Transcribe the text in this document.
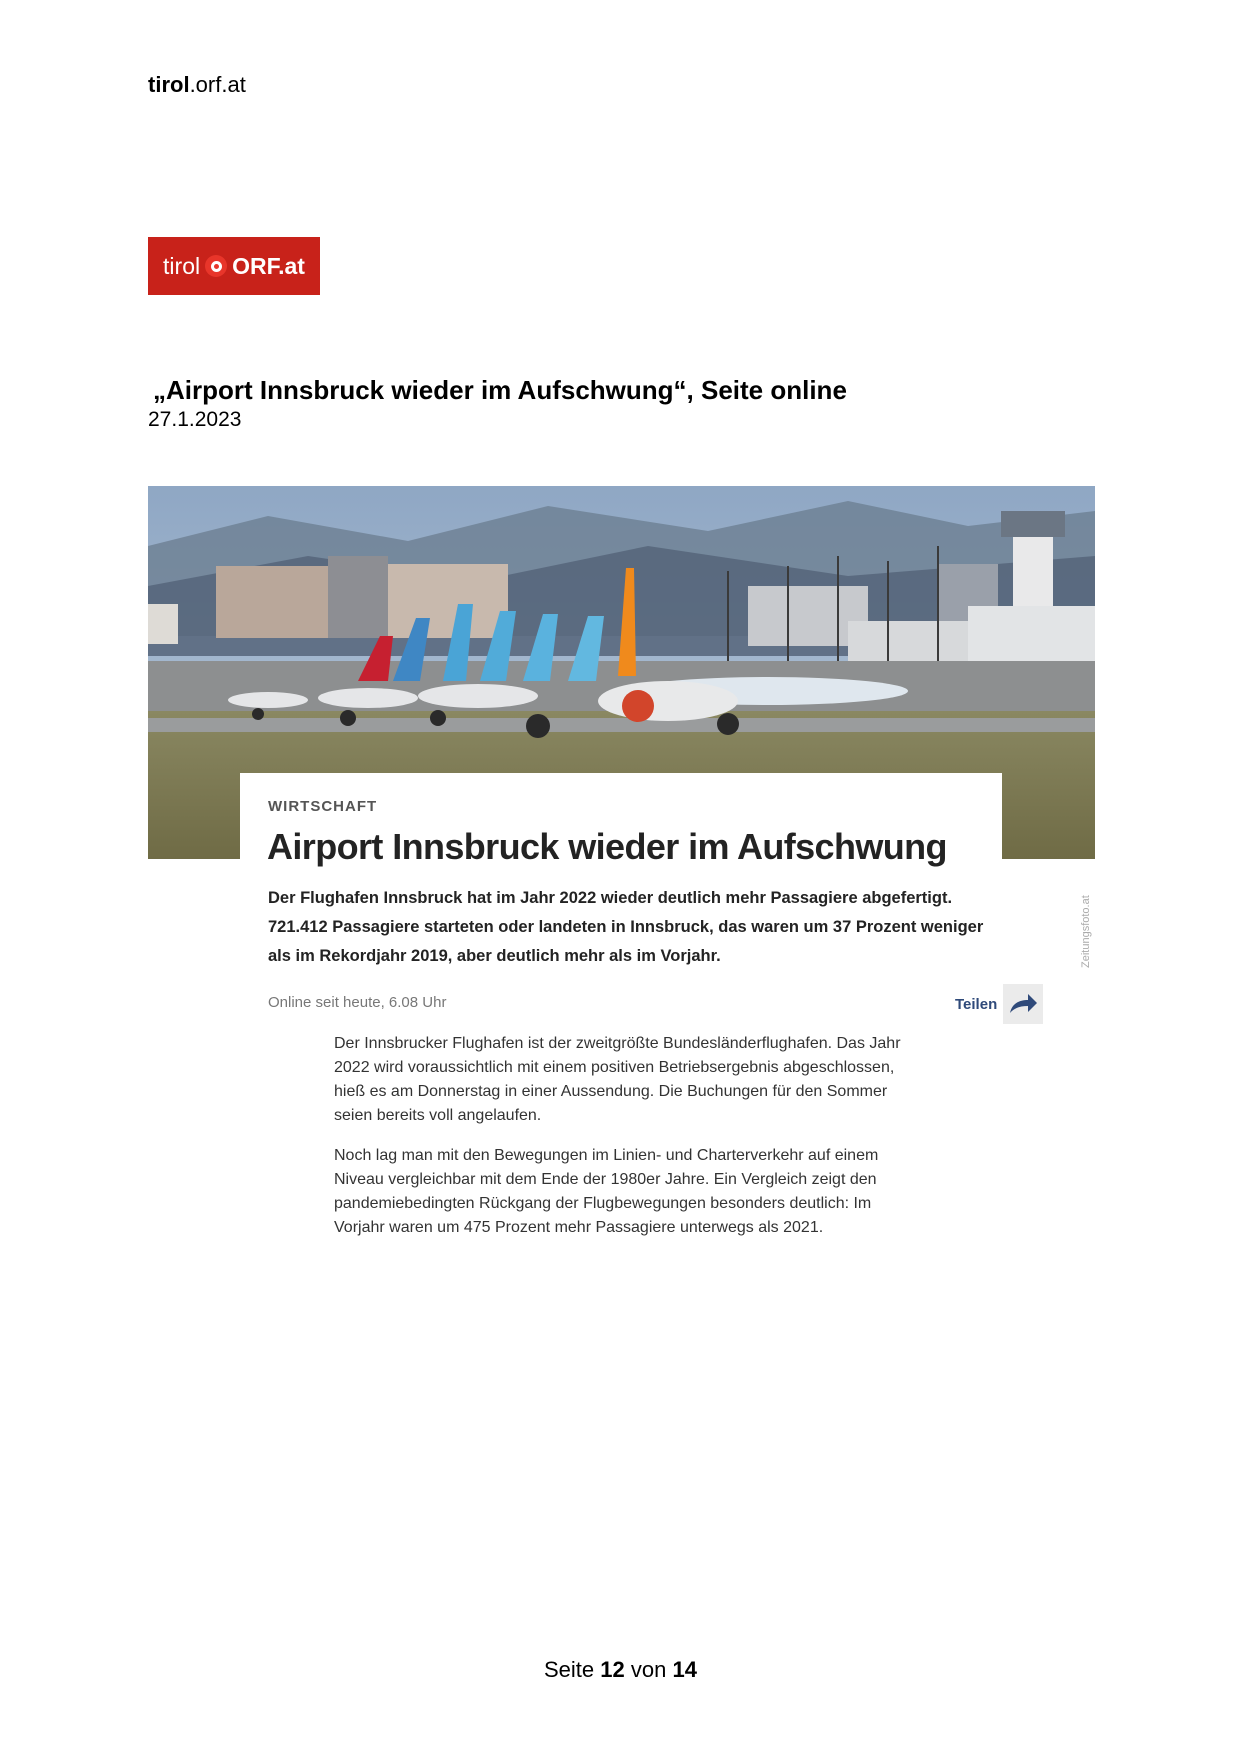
tirol.orf.at
tirol ORF.at
„Airport Innsbruck wieder im Aufschwung“, Seite online
27.1.2023
Zeitungsfoto.at
WIRTSCHAFT
Airport Innsbruck wieder im Aufschwung
Der Flughafen Innsbruck hat im Jahr 2022 wieder deutlich mehr Passagiere abgefertigt. 721.412 Passagiere starteten oder landeten in Innsbruck, das waren um 37 Prozent weniger als im Rekordjahr 2019, aber deutlich mehr als im Vorjahr.
Online seit heute, 6.08 Uhr	Teilen

Der Innsbrucker Flughafen ist der zweitgrößte Bundesländerflughafen. Das Jahr 2022 wird voraussichtlich mit einem positiven Betriebsergebnis abgeschlossen, hieß es am Donnerstag in einer Aussendung. Die Buchungen für den Sommer seien bereits voll angelaufen.

Noch lag man mit den Bewegungen im Linien- und Charterverkehr auf einem Niveau vergleichbar mit dem Ende der 1980er Jahre. Ein Vergleich zeigt den pandemiebedingten Rückgang der Flugbewegungen besonders deutlich: Im Vorjahr waren um 475 Prozent mehr Passagiere unterwegs als 2021.

Seite 12 von 14
